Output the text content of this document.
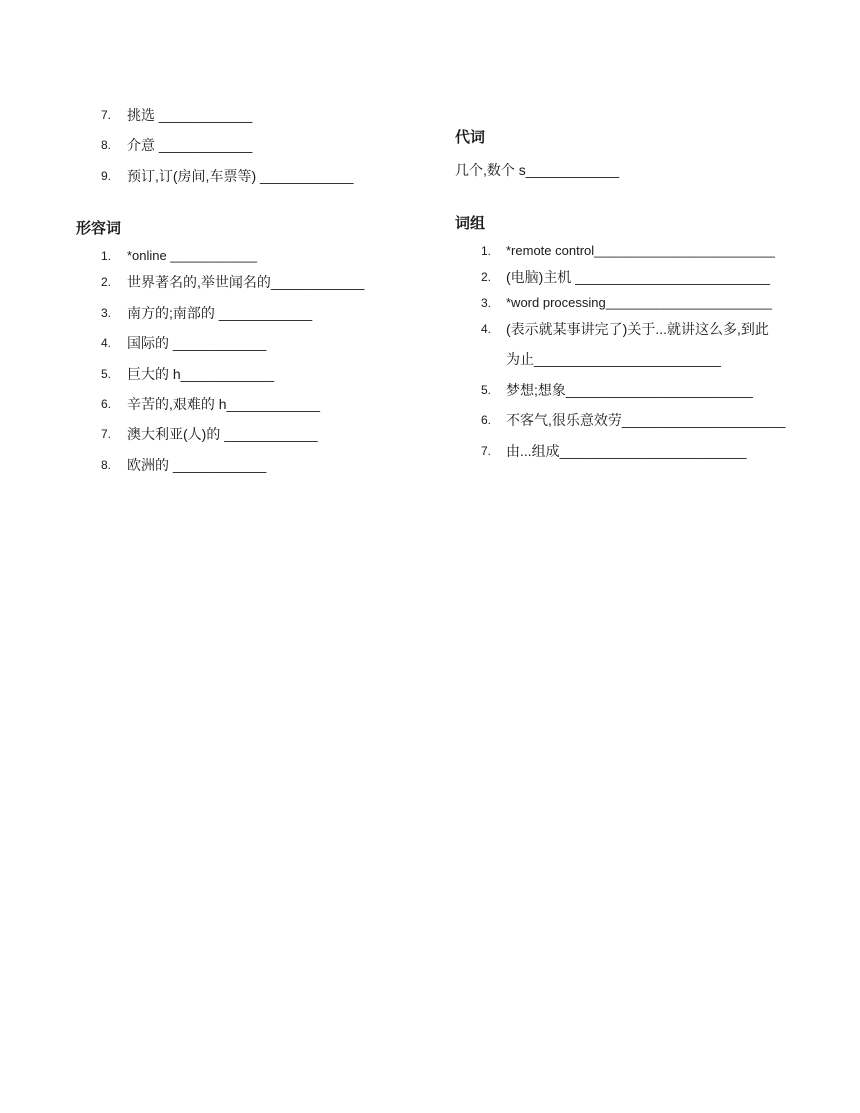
7. 挑选 ____________
8. 介意 ____________
9. 预订,订(房间,车票等) ____________
形容词
1. *online ____________
2. 世界著名的,举世闻名的____________
3. 南方的;南部的 ____________
4. 国际的 ____________
5. 巨大的 h____________
6. 辛苦的,艰难的 h____________
7. 澳大利亚(人)的 ____________
8. 欧洲的 ____________
代词
几个,数个 s____________
词组
1. *remote control_________________________
2. (电脑)主机 _________________________
3. *word processing_______________________
4. (表示就某事讲完了)关于...就讲这么多,到此
为止________________________
5. 梦想;想象________________________
6. 不客气,很乐意效劳_____________________
7. 由...组成________________________
